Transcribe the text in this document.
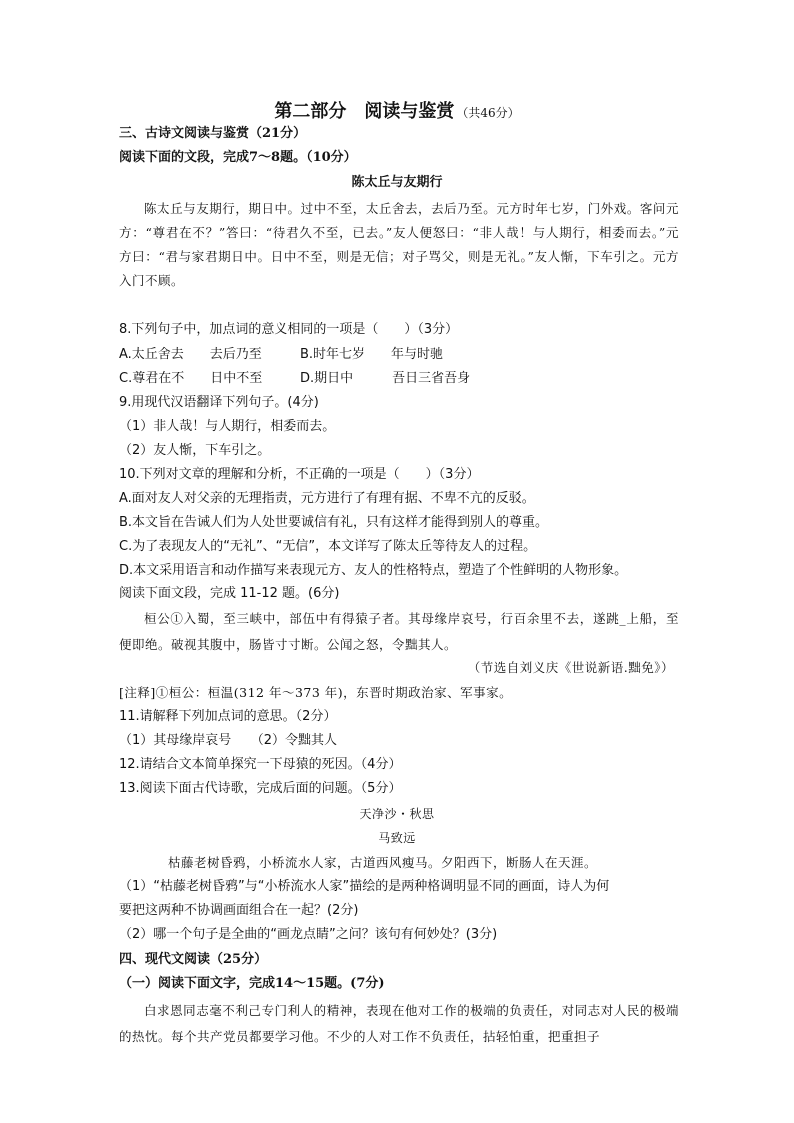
第二部分　阅读与鉴赏 （共46分）
三、古诗文阅读与鉴赏（21分）
阅读下面的文段，完成7～8题。（10分）
陈太丘与友期行
陈太丘与友期行，期日中。过中不至，太丘舍去，去后乃至。元方时年七岁，门外戏。客问元方：“尊君在不？”答曰：“待君久不至，已去。”友人便怒曰：“非人哉！与人期行，相委而去。”元方曰：“君与家君期日中。日中不至，则是无信；对子骂父，则是无礼。”友人惭，下车引之。元方入门不顾。
8.下列句子中，加点词的意义相同的一项是（　　）（3分）
A.太丘舍去　　去后乃至
C.尊君在不　　日中不至
B.时年七岁　　年与时驰
D.期日中　　　吾日三省吾身
9.用现代汉语翻译下列句子。(4分)
（1）非人哉！与人期行，相委而去。
（2）友人惭，下车引之。
10.下列对文章的理解和分析，不正确的一项是（　　）（3分）
A.面对友人对父亲的无理指责，元方进行了有理有据、不卑不亢的反驳。
B.本文旨在告诫人们为人处世要诚信有礼，只有这样才能得到别人的尊重。
C.为了表现友人的“无礼”、“无信”，本文详写了陈太丘等待友人的过程。
D.本文采用语言和动作描写来表现元方、友人的性格特点，塑造了个性鲜明的人物形象。
阅读下面文段，完成 11-12 题。(6分)
桓公①入蜀，至三峡中，部伍中有得猿子者。其母缘岸哀号，行百余里不去，遂跳_上船，至便即绝。破视其腹中，肠皆寸寸断。公闻之怒，令黜其人。
（节选自刘义庆《世说新语.黜免》）
[注释]①桓公：桓温(312 年～373 年)，东晋时期政治家、军事家。
11.请解释下列加点词的意思。（2分）
（1）其母缘岸哀号　　（2）令黜其人
12.请结合文本简单探究一下母猿的死因。（4分）
13.阅读下面古代诗歌，完成后面的问题。（5分）
天净沙・秋思
马致远
枯藤老树昏鸦，小桥流水人家，古道西风瘦马。夕阳西下，断肠人在天涯。
（1）“枯藤老树昏鸦”与“小桥流水人家”描绘的是两种格调明显不同的画面，诗人为何
要把这两种不协调画面组合在一起？(2分)
（2）哪一个句子是全曲的“画龙点睛”之问？该句有何妙处？(3分)
四、现代文阅读（25分）
（一）阅读下面文字，完成14～15题。(7分)
白求恩同志毫不利己专门利人的精神，表现在他对工作的极端的负责任，对同志对人民的极端的热忱。每个共产党员都要学习他。不少的人对工作不负责任，拈轻怕重，把重担子
